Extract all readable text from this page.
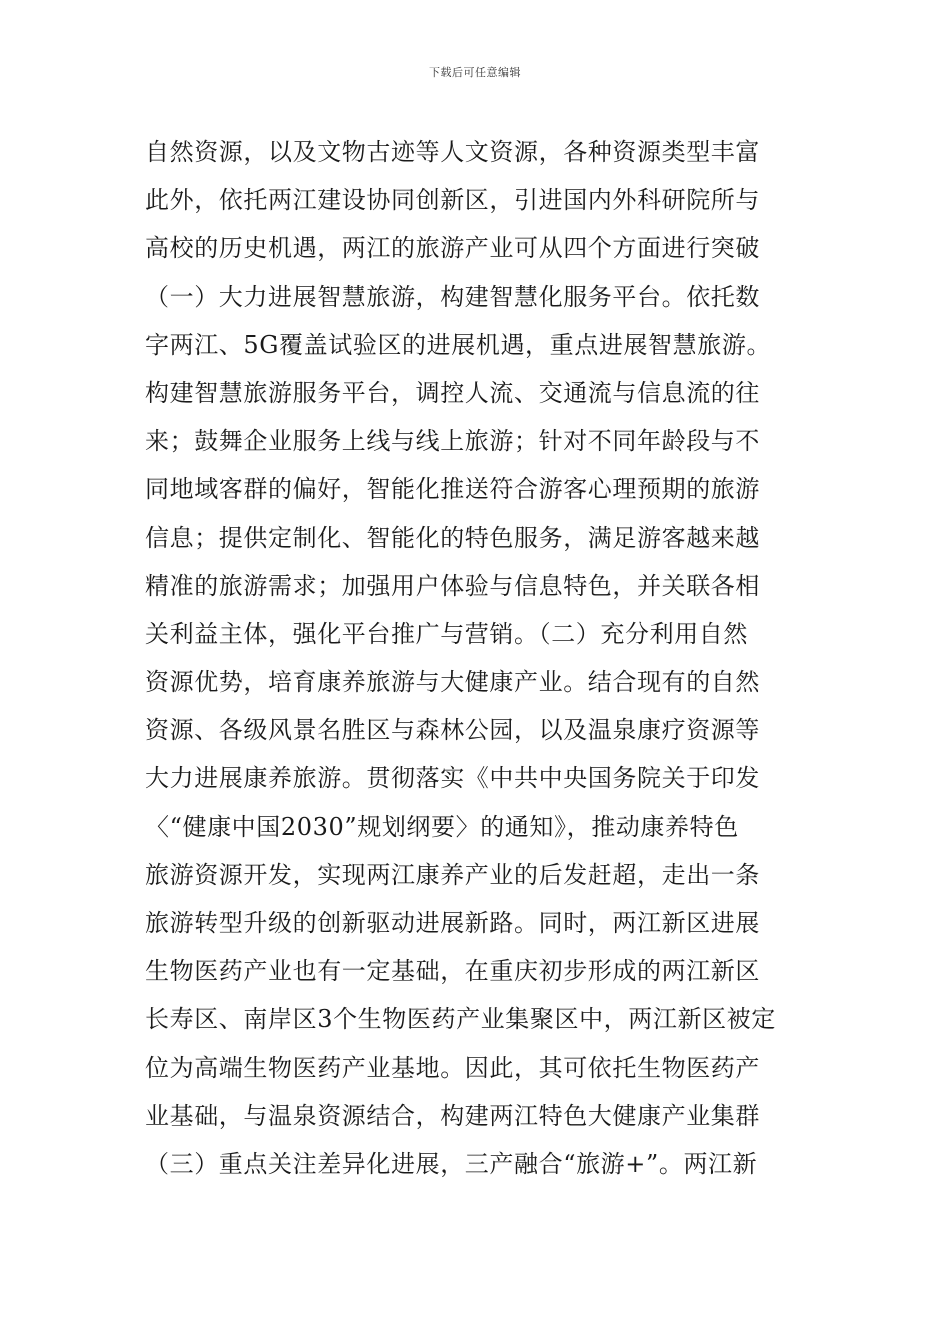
下载后可任意编辑
自然资源，以及文物古迹等人文资源，各种资源类型丰富
此外，依托两江建设协同创新区，引进国内外科研院所与
高校的历史机遇，两江的旅游产业可从四个方面进行突破
（一）大力进展智慧旅游，构建智慧化服务平台。依托数
字两江、5G覆盖试验区的进展机遇，重点进展智慧旅游。
构建智慧旅游服务平台，调控人流、交通流与信息流的往
来；鼓舞企业服务上线与线上旅游；针对不同年龄段与不
同地域客群的偏好，智能化推送符合游客心理预期的旅游
信息；提供定制化、智能化的特色服务，满足游客越来越
精准的旅游需求；加强用户体验与信息特色，并关联各相
关利益主体，强化平台推广与营销。（二）充分利用自然
资源优势，培育康养旅游与大健康产业。结合现有的自然
资源、各级风景名胜区与森林公园，以及温泉康疗资源等
大力进展康养旅游。贯彻落实《中共中央国务院关于印发
〈“健康中国2030”规划纲要〉的通知》，推动康养特色
旅游资源开发，实现两江康养产业的后发赶超，走出一条
旅游转型升级的创新驱动进展新路。同时，两江新区进展
生物医药产业也有一定基础，在重庆初步形成的两江新区
长寿区、南岸区3个生物医药产业集聚区中，两江新区被定
位为高端生物医药产业基地。因此，其可依托生物医药产
业基础，与温泉资源结合，构建两江特色大健康产业集群
（三）重点关注差异化进展，三产融合“旅游+”。两江新
